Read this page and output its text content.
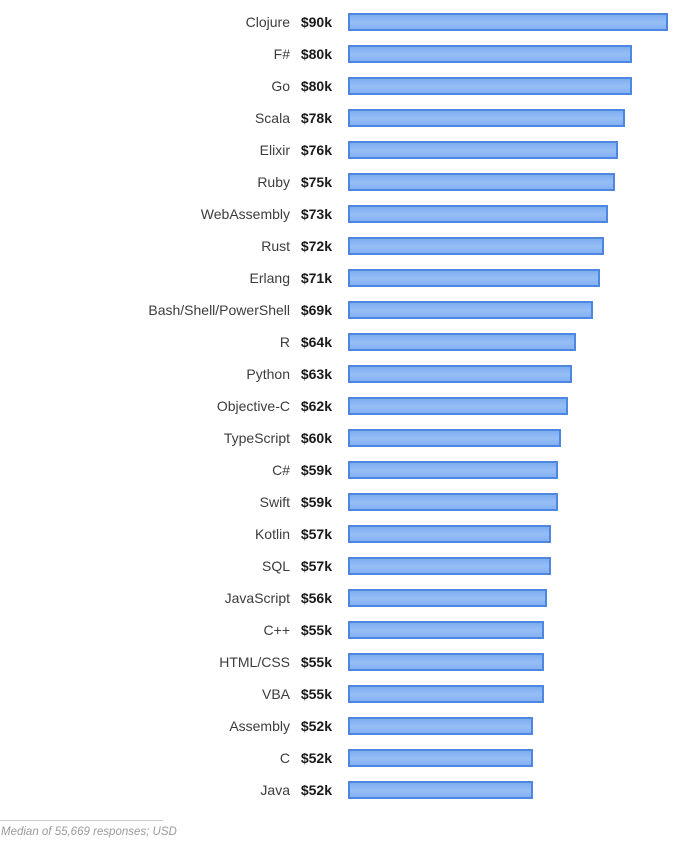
Clojure $90k
F# $80k
Go $80k
Scala $78k
Elixir $76k
Ruby $75k
WebAssembly $73k
Rust $72k
Erlang $71k
Bash/Shell/PowerShell $69k
R $64k
Python $63k
Objective-C $62k
TypeScript $60k
C# $59k
Swift $59k
Kotlin $57k
SQL $57k
JavaScript $56k
C++ $55k
HTML/CSS $55k
VBA $55k
Assembly $52k
C $52k
Java $52k
Median of 55,669 responses; USD
